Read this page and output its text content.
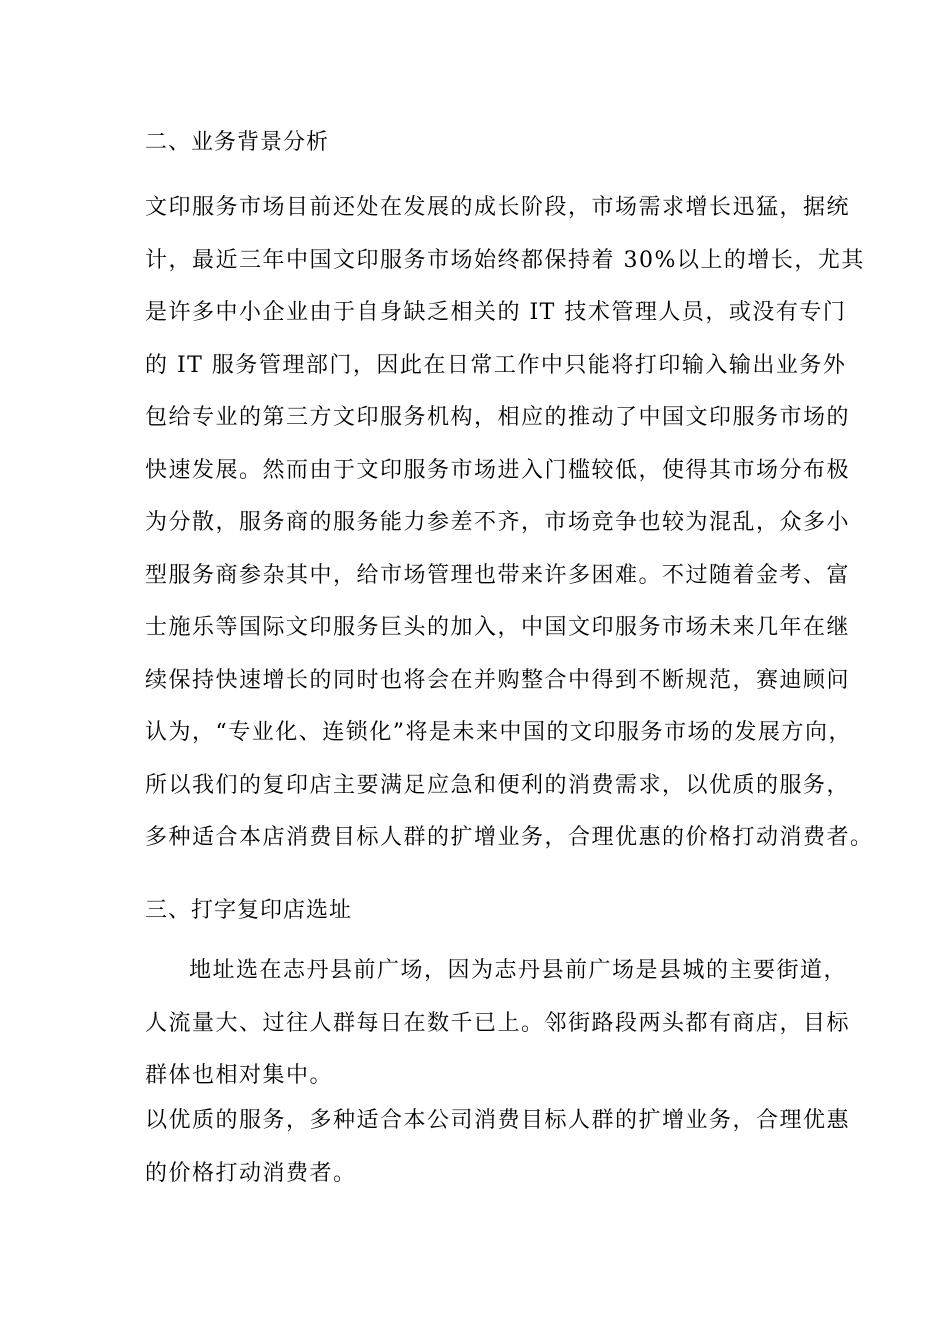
二、业务背景分析
文印服务市场目前还处在发展的成长阶段，市场需求增长迅猛，据统
计，最近三年中国文印服务市场始终都保持着 30%以上的增长，尤其
是许多中小企业由于自身缺乏相关的 IT 技术管理人员，或没有专门
的 IT 服务管理部门，因此在日常工作中只能将打印输入输出业务外
包给专业的第三方文印服务机构，相应的推动了中国文印服务市场的
快速发展。然而由于文印服务市场进入门槛较低，使得其市场分布极
为分散，服务商的服务能力参差不齐，市场竞争也较为混乱，众多小
型服务商参杂其中，给市场管理也带来许多困难。不过随着金考、富
士施乐等国际文印服务巨头的加入，中国文印服务市场未来几年在继
续保持快速增长的同时也将会在并购整合中得到不断规范，赛迪顾问
认为，“专业化、连锁化”将是未来中国的文印服务市场的发展方向，
所以我们的复印店主要满足应急和便利的消费需求，以优质的服务，
多种适合本店消费目标人群的扩增业务，合理优惠的价格打动消费者。
三、打字复印店选址
地址选在志丹县前广场，因为志丹县前广场是县城的主要街道，
人流量大、过往人群每日在数千已上。邻街路段两头都有商店，目标
群体也相对集中。
以优质的服务，多种适合本公司消费目标人群的扩增业务，合理优惠
的价格打动消费者。
